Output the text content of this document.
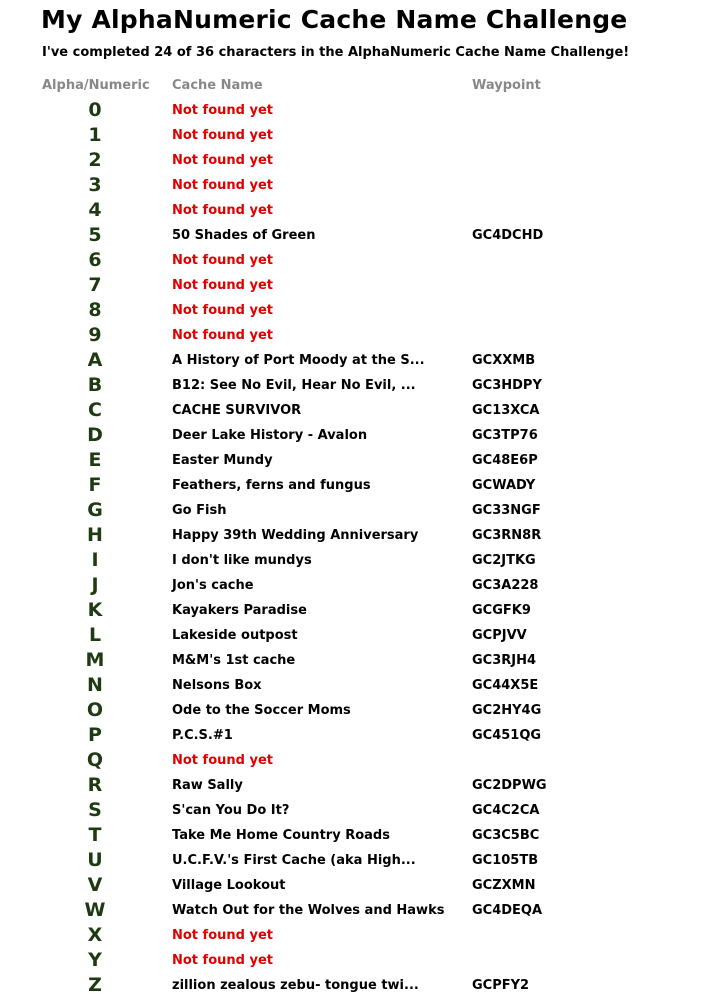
My AlphaNumeric Cache Name Challenge
I've completed 24 of 36 characters in the AlphaNumeric Cache Name Challenge!
Alpha/Numeric Cache Name	Waypoint
0	Not found yet
1	Not found yet
2	Not found yet
3	Not found yet
4	Not found yet
5	50 Shades of Green	GC4DCHD
6	Not found yet
7	Not found yet
8	Not found yet
9	Not found yet
A	A History of Port Moody at the S...	GCXXMB
B	B12: See No Evil, Hear No Evil, ...	GC3HDPY
C	CACHE SURVIVOR	GC13XCA
D	Deer Lake History - Avalon	GC3TP76
E	Easter Mundy	GC48E6P
F	Feathers, ferns and fungus	GCWADY
G	Go Fish	GC33NGF
H	Happy 39th Wedding Anniversary	GC3RN8R
I	I don't like mundys	GC2JTKG
J	Jon's cache	GC3A228
K	Kayakers Paradise	GCGFK9
L	Lakeside outpost	GCPJVV
M	M&M's 1st cache	GC3RJH4
N	Nelsons Box	GC44X5E
O	Ode to the Soccer Moms	GC2HY4G
P	P.C.S.#1	GC451QG
Q	Not found yet
R	Raw Sally	GC2DPWG
S	S'can You Do It?	GC4C2CA
T	Take Me Home Country Roads	GC3C5BC
U	U.C.F.V.'s First Cache (aka High...	GC105TB
V	Village Lookout	GCZXMN
W	Watch Out for the Wolves and Hawks GC4DEQA
X	Not found yet
Y	Not found yet
Z	zillion zealous zebu- tongue twi...	GCPFY2
